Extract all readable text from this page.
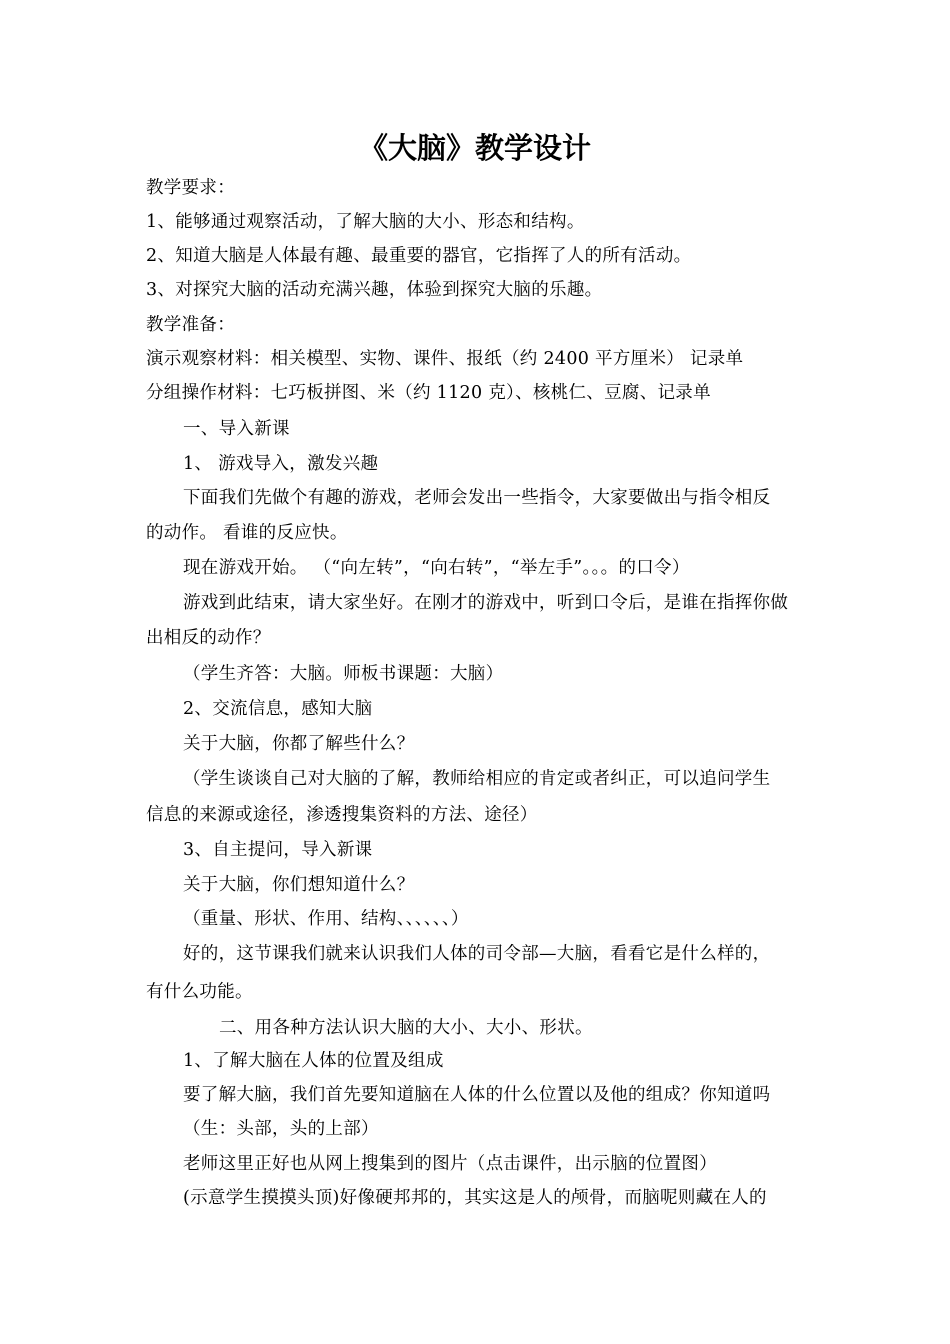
《大脑》教学设计
教学要求：
1、能够通过观察活动，了解大脑的大小、形态和结构。
2、知道大脑是人体最有趣、最重要的器官，它指挥了人的所有活动。
3、对探究大脑的活动充满兴趣，体验到探究大脑的乐趣。
教学准备：
演示观察材料：相关模型、实物、课件、报纸（约 2400 平方厘米） 记录单
分组操作材料：七巧板拼图、米（约 1120 克）、核桃仁、豆腐、记录单
一、导入新课
1、 游戏导入，激发兴趣
下面我们先做个有趣的游戏，老师会发出一些指令，大家要做出与指令相反
的动作。 看谁的反应快。
现在游戏开始。 （“向左转”，“向右转”，“举左手”。。。的口令）
游戏到此结束，请大家坐好。在刚才的游戏中，听到口令后，是谁在指挥你做
出相反的动作？
（学生齐答：大脑。师板书课题：大脑）
2、交流信息，感知大脑
关于大脑，你都了解些什么？
（学生谈谈自己对大脑的了解，教师给相应的肯定或者纠正，可以追问学生
信息的来源或途径，渗透搜集资料的方法、途径）
3、自主提问，导入新课
关于大脑，你们想知道什么？
（重量、形状、作用、结构、、、、、、）
好的，这节课我们就来认识我们人体的司令部—大脑，看看它是什么样的，
有什么功能。
二、用各种方法认识大脑的大小、大小、形状。
1、了解大脑在人体的位置及组成
要了解大脑，我们首先要知道脑在人体的什么位置以及他的组成？你知道吗
（生：头部，头的上部）
老师这里正好也从网上搜集到的图片（点击课件，出示脑的位置图）
(示意学生摸摸头顶)好像硬邦邦的，其实这是人的颅骨，而脑呢则藏在人的
